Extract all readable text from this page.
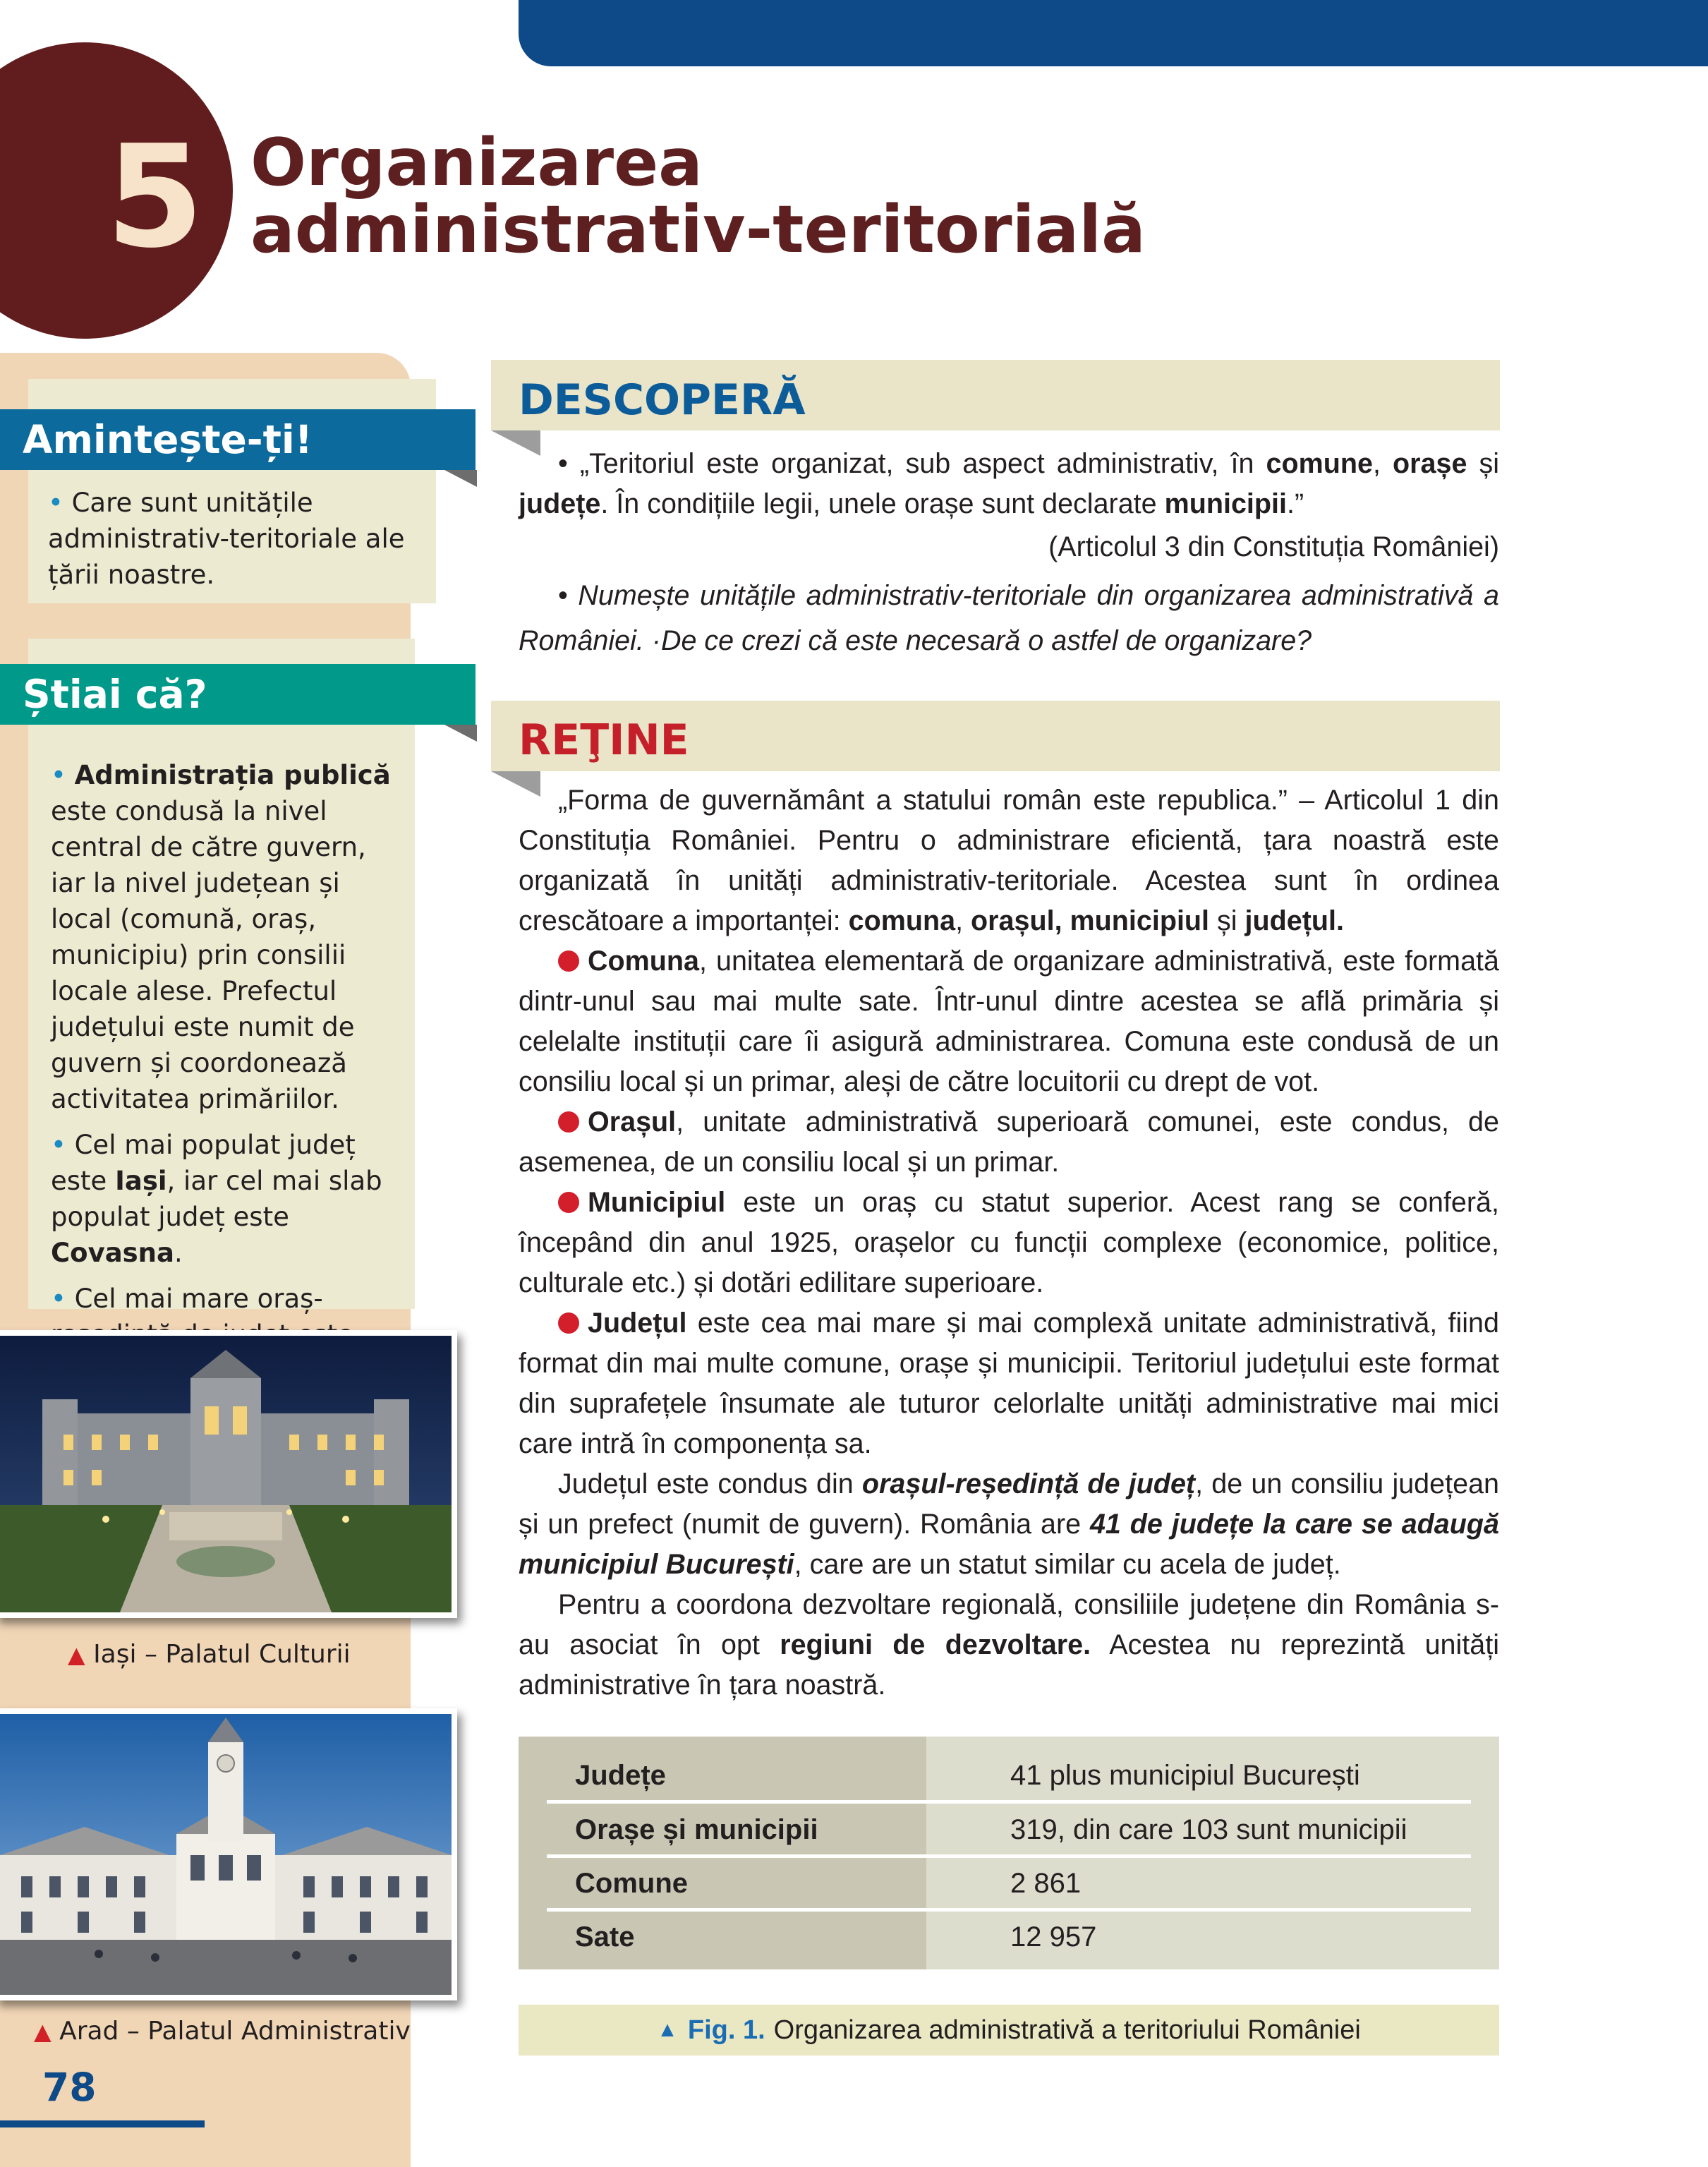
5 Organizarea
administrativ-teritorială
Amintește-ți!
• Care sunt unitățile administrativ-teritoriale ale țării noastre.
Știai că?
• Administrația publică este condusă la nivel central de către guvern, iar la nivel județean și local (comună, oraș, municipiu) prin consilii locale alese. Prefectul județului este numit de guvern și coordonează activitatea primăriilor.
• Cel mai populat județ este Iași, iar cel mai slab populat județ este Covasna.
• Cel mai mare oraș-
▲ Iași – Palatul Culturii
▲ Arad – Palatul Administrativ
78
DESCOPERĂ

• „Teritoriul este organizat, sub aspect administrativ, în comune, orașe și județe. În condițiile legii, unele orașe sunt declarate municipii.”

(Articolul 3 din Constituția României)

• Numește unitățile administrativ-teritoriale din organizarea administrativă a României. ·De ce crezi că este necesară o astfel de organizare?

REŢINE

„Forma de guvernământ a statului român este republica.” – Articolul 1 din Constituția României. Pentru o administrare eficientă, țara noastră este organizată în unități administrativ-teritoriale. Acestea sunt în ordinea crescătoare a importanței: comuna, orașul, municipiul și județul.

Comuna, unitatea elementară de organizare administrativă, este formată dintr-unul sau mai multe sate. Într-unul dintre acestea se află primăria și celelalte instituții care îi asigură administrarea. Comuna este condusă de un consiliu local și un primar, aleși de către locuitorii cu drept de vot.

Orașul, unitate administrativă superioară comunei, este condus, de asemenea, de un consiliu local și un primar.

Municipiul este un oraș cu statut superior. Acest rang se conferă, începând din anul 1925, orașelor cu funcții complexe (economice, politice, culturale etc.) și dotări edilitare superioare.

Județul este cea mai mare și mai complexă unitate administrativă, fiind format din mai multe comune, orașe și municipii. Teritoriul județului este format din suprafețele însumate ale tuturor celorlalte unități administrative mai mici care intră în componența sa.

Județul este condus din orașul-reședință de județ, de un consiliu județean și un prefect (numit de guvern). România are 41 de județe la care se adaugă municipiul București, care are un statut similar cu acela de județ.

Pentru a coordona dezvoltare regională, consiliile județene din România s-au asociat în opt regiuni de dezvoltare. Acestea nu reprezintă unități administrative în țara noastră.

Județe	41 plus municipiul București
Orașe și municipii	319, din care 103 sunt municipii
Comune	2 861
Sate	12 957
▲ Fig. 1. Organizarea administrativă a teritoriului României
